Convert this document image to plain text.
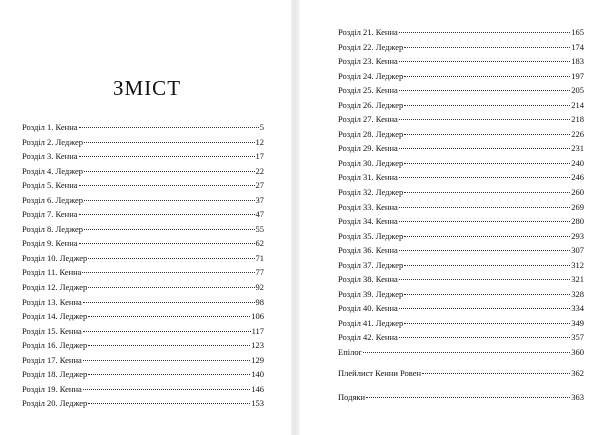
ЗМІСТ
Розділ 1. Кенна	5
Розділ 2. Леджер	12
Розділ 3. Кенна	17
Розділ 4. Леджер	22
Розділ 5. Кенна	27
Розділ 6. Леджер	37
Розділ 7. Кенна	47
Розділ 8. Леджер	55
Розділ 9. Кенна	62
Розділ 10. Леджер	71
Розділ 11. Кенна	77
Розділ 12. Леджер	92
Розділ 13. Кенна	98
Розділ 14. Леджер	106
Розділ 15. Кенна	117
Розділ 16. Леджер	123
Розділ 17. Кенна	129
Розділ 18. Леджер	140
Розділ 19. Кенна	146
Розділ 20. Леджер	153
Розділ 21. Кенна	165
Розділ 22. Леджер	174
Розділ 23. Кенна	183
Розділ 24. Леджер	197
Розділ 25. Кенна	205
Розділ 26. Леджер	214
Розділ 27. Кенна	218
Розділ 28. Леджер	226
Розділ 29. Кенна	231
Розділ 30. Леджер	240
Розділ 31. Кенна	246
Розділ 32. Леджер	260
Розділ 33. Кенна	269
Розділ 34. Кенна	280
Розділ 35. Леджер	293
Розділ 36. Кенна	307
Розділ 37. Леджер	312
Розділ 38. Кенна	321
Розділ 39. Леджер	328
Розділ 40. Кенна	334
Розділ 41. Леджер	349
Розділ 42. Кенна	357
Епілог	360
Плейлист Кенни Ровен	362
Подяки	363
